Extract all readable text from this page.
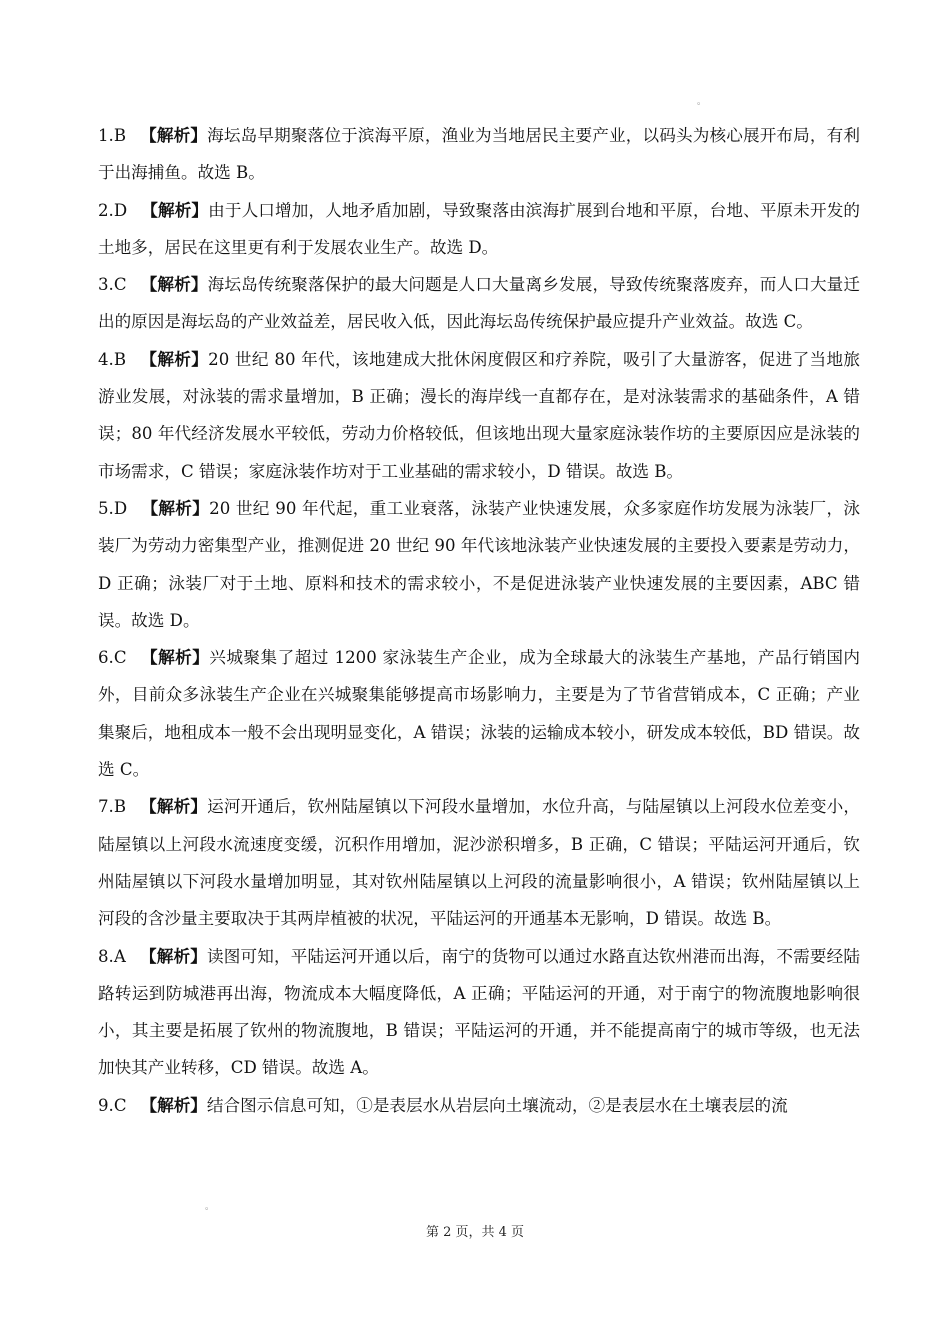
。

1.B 【解析】海坛岛早期聚落位于滨海平原，渔业为当地居民主要产业，以码头为核心展开布局，有利于出海捕鱼。故选 B。

2.D 【解析】由于人口增加，人地矛盾加剧，导致聚落由滨海扩展到台地和平原，台地、平原未开发的土地多，居民在这里更有利于发展农业生产。故选 D。

3.C 【解析】海坛岛传统聚落保护的最大问题是人口大量离乡发展，导致传统聚落废弃，而人口大量迁出的原因是海坛岛的产业效益差，居民收入低，因此海坛岛传统保护最应提升产业效益。故选 C。

4.B 【解析】20 世纪 80 年代，该地建成大批休闲度假区和疗养院，吸引了大量游客，促进了当地旅游业发展，对泳装的需求量增加，B 正确；漫长的海岸线一直都存在，是对泳装需求的基础条件，A 错误；80 年代经济发展水平较低，劳动力价格较低，但该地出现大量家庭泳装作坊的主要原因应是泳装的市场需求，C 错误；家庭泳装作坊对于工业基础的需求较小，D 错误。故选 B。

5.D 【解析】20 世纪 90 年代起，重工业衰落，泳装产业快速发展，众多家庭作坊发展为泳装厂，泳装厂为劳动力密集型产业，推测促进 20 世纪 90 年代该地泳装产业快速发展的主要投入要素是劳动力，D 正确；泳装厂对于土地、原料和技术的需求较小，不是促进泳装产业快速发展的主要因素，ABC 错误。故选 D。

6.C 【解析】兴城聚集了超过 1200 家泳装生产企业，成为全球最大的泳装生产基地，产品行销国内外，目前众多泳装生产企业在兴城聚集能够提高市场影响力，主要是为了节省营销成本，C 正确；产业集聚后，地租成本一般不会出现明显变化，A 错误；泳装的运输成本较小，研发成本较低，BD 错误。故选 C。

7.B 【解析】运河开通后，钦州陆屋镇以下河段水量增加，水位升高，与陆屋镇以上河段水位差变小，陆屋镇以上河段水流速度变缓，沉积作用增加，泥沙淤积增多，B 正确，C 错误；平陆运河开通后，钦州陆屋镇以下河段水量增加明显，其对钦州陆屋镇以上河段的流量影响很小，A 错误；钦州陆屋镇以上河段的含沙量主要取决于其两岸植被的状况，平陆运河的开通基本无影响，D 错误。故选 B。

8.A 【解析】读图可知，平陆运河开通以后，南宁的货物可以通过水路直达钦州港而出海，不需要经陆路转运到防城港再出海，物流成本大幅度降低，A 正确；平陆运河的开通，对于南宁的物流腹地影响很小，其主要是拓展了钦州的物流腹地，B 错误；平陆运河的开通，并不能提高南宁的城市等级，也无法加快其产业转移，CD 错误。故选 A。

9.C 【解析】结合图示信息可知，①是表层水从岩层向土壤流动，②是表层水在土壤表层的流

。
第 2 页，共 4 页
